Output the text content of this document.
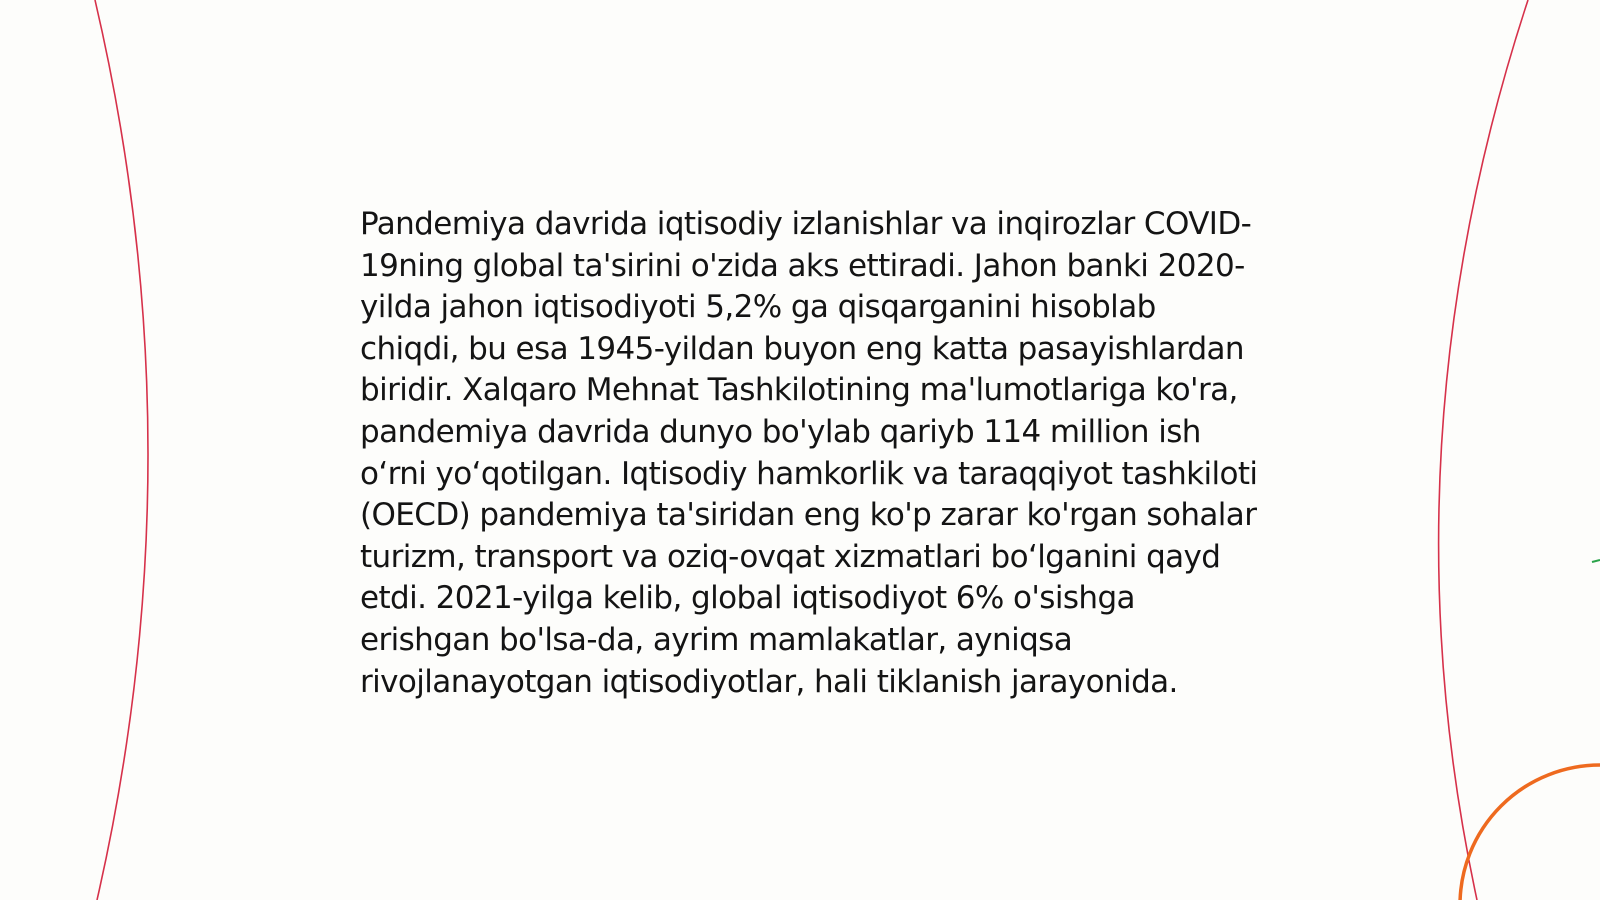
Pandemiya davrida iqtisodiy izlanishlar va inqirozlar COVID-19ning global ta'sirini o'zida aks ettiradi. Jahon banki 2020-yilda jahon iqtisodiyoti 5,2% ga qisqarganini hisoblab chiqdi, bu esa 1945-yildan buyon eng katta pasayishlardan biridir. Xalqaro Mehnat Tashkilotining ma'lumotlariga ko'ra, pandemiya davrida dunyo bo'ylab qariyb 114 million ish o‘rni yo‘qotilgan. Iqtisodiy hamkorlik va taraqqiyot tashkiloti (OECD) pandemiya ta'siridan eng ko'p zarar ko'rgan sohalar turizm, transport va oziq-ovqat xizmatlari bo‘lganini qayd etdi. 2021-yilga kelib, global iqtisodiyot 6% o'sishga erishgan bo'lsa-da, ayrim mamlakatlar, ayniqsa rivojlanayotgan iqtisodiyotlar, hali tiklanish jarayonida.
